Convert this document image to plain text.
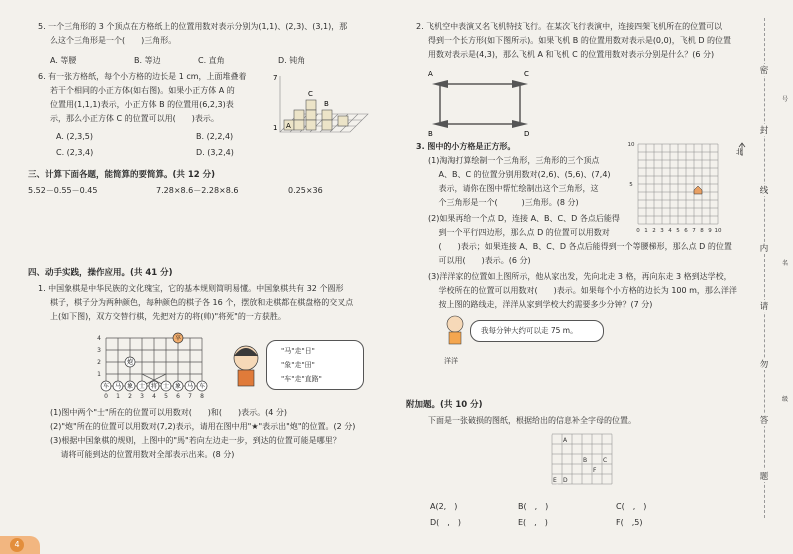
5. 一个三角形的 3 个顶点在方格纸上的位置用数对表示分别为(1,1)、(2,3)、(3,1)，那
么这个三角形是一个(　　)三角形。
A. 等腰	B. 等边	C. 直角	D. 钝角
6. 有一张方格纸，每个小方格的边长是 1 cm，上面堆叠着
若干个相同的小正方体(如右图)。如果小正方体 A 的
位置用(1,1,1)表示，小正方体 B 的位置用(6,2,3)表
示，那么小正方体 C 的位置可以用(　　)表示。
A. (2,3,5)	B. (2,2,4)
C. (2,3,4)	D. (3,2,4)
A
C
B
7
1
三、计算下面各题，能简算的要简算。(共 12 分)
5.52－0.55－0.45	7.28×8.6－2.28×8.6	0.25×36
四、动手实践，操作应用。(共 41 分)
1. 中国象棋是中华民族的文化瑰宝，它的基本规则简明易懂。中国象棋共有 32 个圆形
棋子，棋子分为两种颜色，每种颜色的棋子各 16 个，摆放和走棋都在棋盘格的交叉点
上(如下图)，双方交替行棋，先把对方的将(帅)"将死"的一方获胜。
车 马 象 士 将 士 象 马 车
炮
卒
0 1 2 3 4 5 6 7 8
4
3
2
1
"马"走"日"
"象"走"田"
"车"走"直路"
(1)图中两个"士"所在的位置可以用数对(　　)和(　　)表示。(4 分)
(2)"炮"所在的位置可以用数对(7,2)表示，请用在图中用"★"表示出"炮"的位置。(2 分)
(3)根据中国象棋的规则，上图中的"馬"若向左边走一步，到达的位置可能是哪里？
　 请将可能到达的位置用数对全部表示出来。(8 分)
2. 飞机空中表演又名飞机特技飞行。在某次飞行表演中，连接四架飞机所在的位置可以
得到一个长方形(如下图所示)。如果飞机 B 的位置用数对表示是(0,0)，飞机 D 的位置
用数对表示是(4,3)，那么飞机 A 和飞机 C 的位置用数对表示分别是什么？(6 分)
A	C
B	D
3. 图中的小方格是正方形。
(1)淘淘打算绘制一个三角形，三角形的三个顶点
　 A、B、C 的位置分别用数对(2,6)、(5,6)、(7,4)
　 表示，请你在图中帮忙绘制出这个三角形，这
　 个三角形是一个(　　　)三角形。(8 分)
(2)如果再给一个点 D，连接 A、B、C、D 各点后能得
　 到一个平行四边形，那么点 D 的位置可以用数对
　 (　　)表示；如果连接 A、B、C、D 各点后能得到一个等腰梯形，那么点 D 的位置
　 可以用(　　)表示。(6 分)
(3)洋洋家的位置如上图所示，他从家出发，先向北走 3 格，再向东走 3 格到达学校，
　 学校所在的位置可以用数对(　　)表示。如果每个小方格的边长为 100 m，那么洋洋
　 按上图的路线走，洋洋从家到学校大约需要多少分钟？(7 分)
0 1 2 3 4 5 6 7 8 9 10
10
5
北
洋洋
我每分钟大约可以走 75 m。
附加题。(共 10 分)
下面是一张破损的图纸，根据给出的信息补全字母的位置。
A
B	C
D
E
F
A(2,　)	B(　,　)	C(　,　)
D(　,　)	E(　,　)	F(　,5)
密
封
线
内
请
勿
答
题
号
名
级
4
